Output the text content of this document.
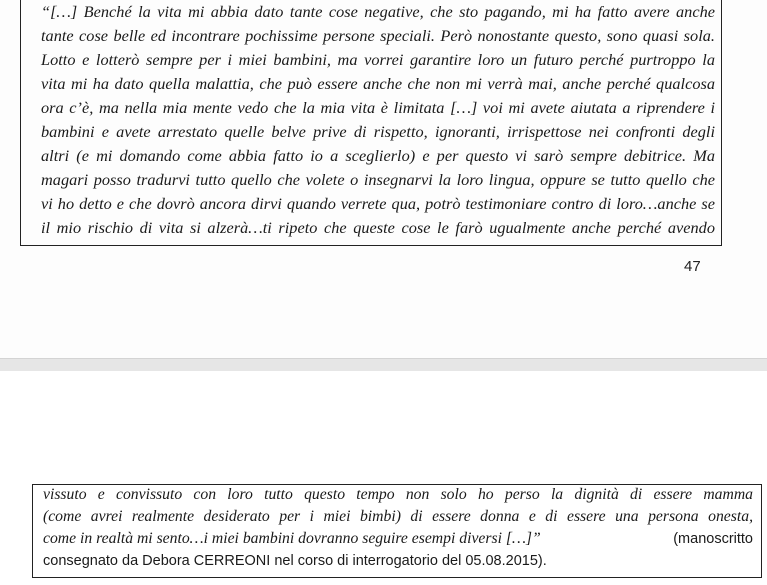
“[…] Benché la vita mi abbia dato tante cose negative, che sto pagando, mi ha fatto avere anche
tante cose belle ed incontrare pochissime persone speciali. Però nonostante questo, sono quasi sola.
Lotto e lotterò sempre per i miei bambini, ma vorrei garantire loro un futuro perché purtroppo la
vita mi ha dato quella malattia, che può essere anche che non mi verrà mai, anche perché qualcosa
ora c’è, ma nella mia mente vedo che la mia vita è limitata […] voi mi avete aiutata a riprendere i
bambini e avete arrestato quelle belve prive di rispetto, ignoranti, irrispettose nei confronti degli
altri (e mi domando come abbia fatto io a sceglierlo) e per questo vi sarò sempre debitrice. Ma
magari posso tradurvi tutto quello che volete o insegnarvi la loro lingua, oppure se tutto quello che
vi ho detto e che dovrò ancora dirvi quando verrete qua, potrò testimoniare contro di loro…anche se
il mio rischio di vita si alzerà…ti ripeto che queste cose le farò ugualmente anche perché avendo
47
vissuto e convissuto con loro tutto questo tempo non solo ho perso la dignità di essere mamma
(come avrei realmente desiderato per i miei bimbi) di essere donna e di essere una persona onesta,
come in realtà mi sento…i miei bambini dovranno seguire esempi diversi […]”	(manoscritto
consegnato da Debora CERREONI nel corso di interrogatorio del 05.08.2015).
